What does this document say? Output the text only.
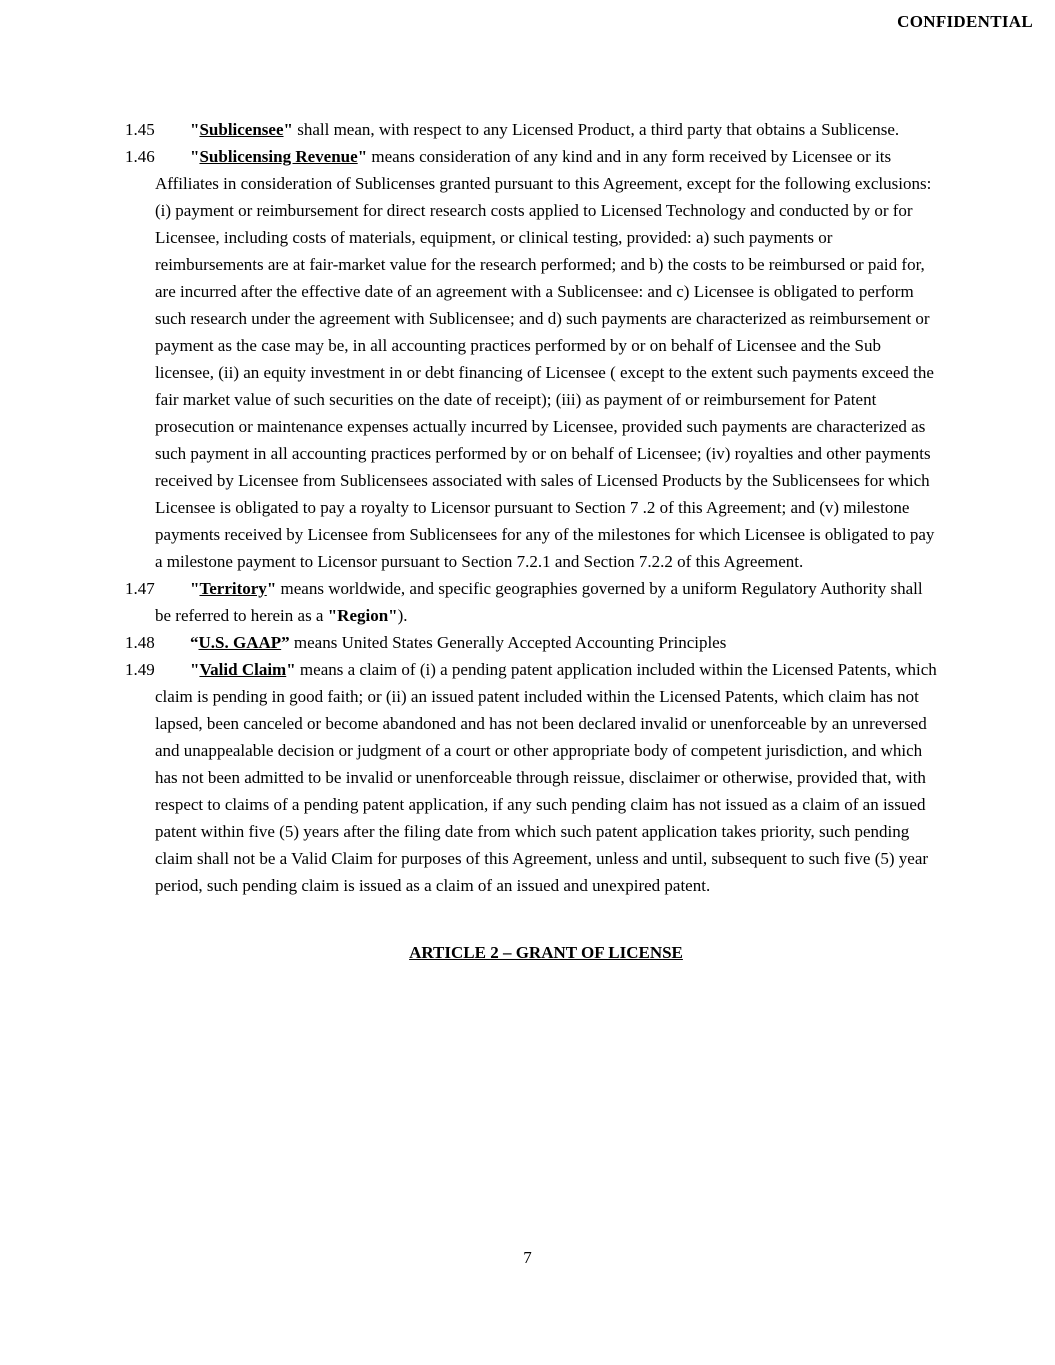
CONFIDENTIAL
1.45 "Sublicensee" shall mean, with respect to any Licensed Product, a third party that obtains a Sublicense.
1.46 "Sublicensing Revenue" means consideration of any kind and in any form received by Licensee or its Affiliates in consideration of Sublicenses granted pursuant to this Agreement, except for the following exclusions: (i) payment or reimbursement for direct research costs applied to Licensed Technology and conducted by or for Licensee, including costs of materials, equipment, or clinical testing, provided: a) such payments or reimbursements are at fair-market value for the research performed; and b) the costs to be reimbursed or paid for, are incurred after the effective date of an agreement with a Sublicensee: and c) Licensee is obligated to perform such research under the agreement with Sublicensee; and d) such payments are characterized as reimbursement or payment as the case may be, in all accounting practices performed by or on behalf of Licensee and the Sub licensee, (ii) an equity investment in or debt financing of Licensee ( except to the extent such payments exceed the fair market value of such securities on the date of receipt); (iii) as payment of or reimbursement for Patent prosecution or maintenance expenses actually incurred by Licensee, provided such payments are characterized as such payment in all accounting practices performed by or on behalf of Licensee; (iv) royalties and other payments received by Licensee from Sublicensees associated with sales of Licensed Products by the Sublicensees for which Licensee is obligated to pay a royalty to Licensor pursuant to Section 7 .2 of this Agreement; and (v) milestone payments received by Licensee from Sublicensees for any of the milestones for which Licensee is obligated to pay a milestone payment to Licensor pursuant to Section 7.2.1 and Section 7.2.2 of this Agreement.
1.47 "Territory" means worldwide, and specific geographies governed by a uniform Regulatory Authority shall be referred to herein as a "Region").
1.48 “U.S. GAAP” means United States Generally Accepted Accounting Principles
1.49 "Valid Claim" means a claim of (i) a pending patent application included within the Licensed Patents, which claim is pending in good faith; or (ii) an issued patent included within the Licensed Patents, which claim has not lapsed, been canceled or become abandoned and has not been declared invalid or unenforceable by an unreversed and unappealable decision or judgment of a court or other appropriate body of competent jurisdiction, and which has not been admitted to be invalid or unenforceable through reissue, disclaimer or otherwise, provided that, with respect to claims of a pending patent application, if any such pending claim has not issued as a claim of an issued patent within five (5) years after the filing date from which such patent application takes priority, such pending claim shall not be a Valid Claim for purposes of this Agreement, unless and until, subsequent to such five (5) year period, such pending claim is issued as a claim of an issued and unexpired patent.
ARTICLE 2 – GRANT OF LICENSE
7
